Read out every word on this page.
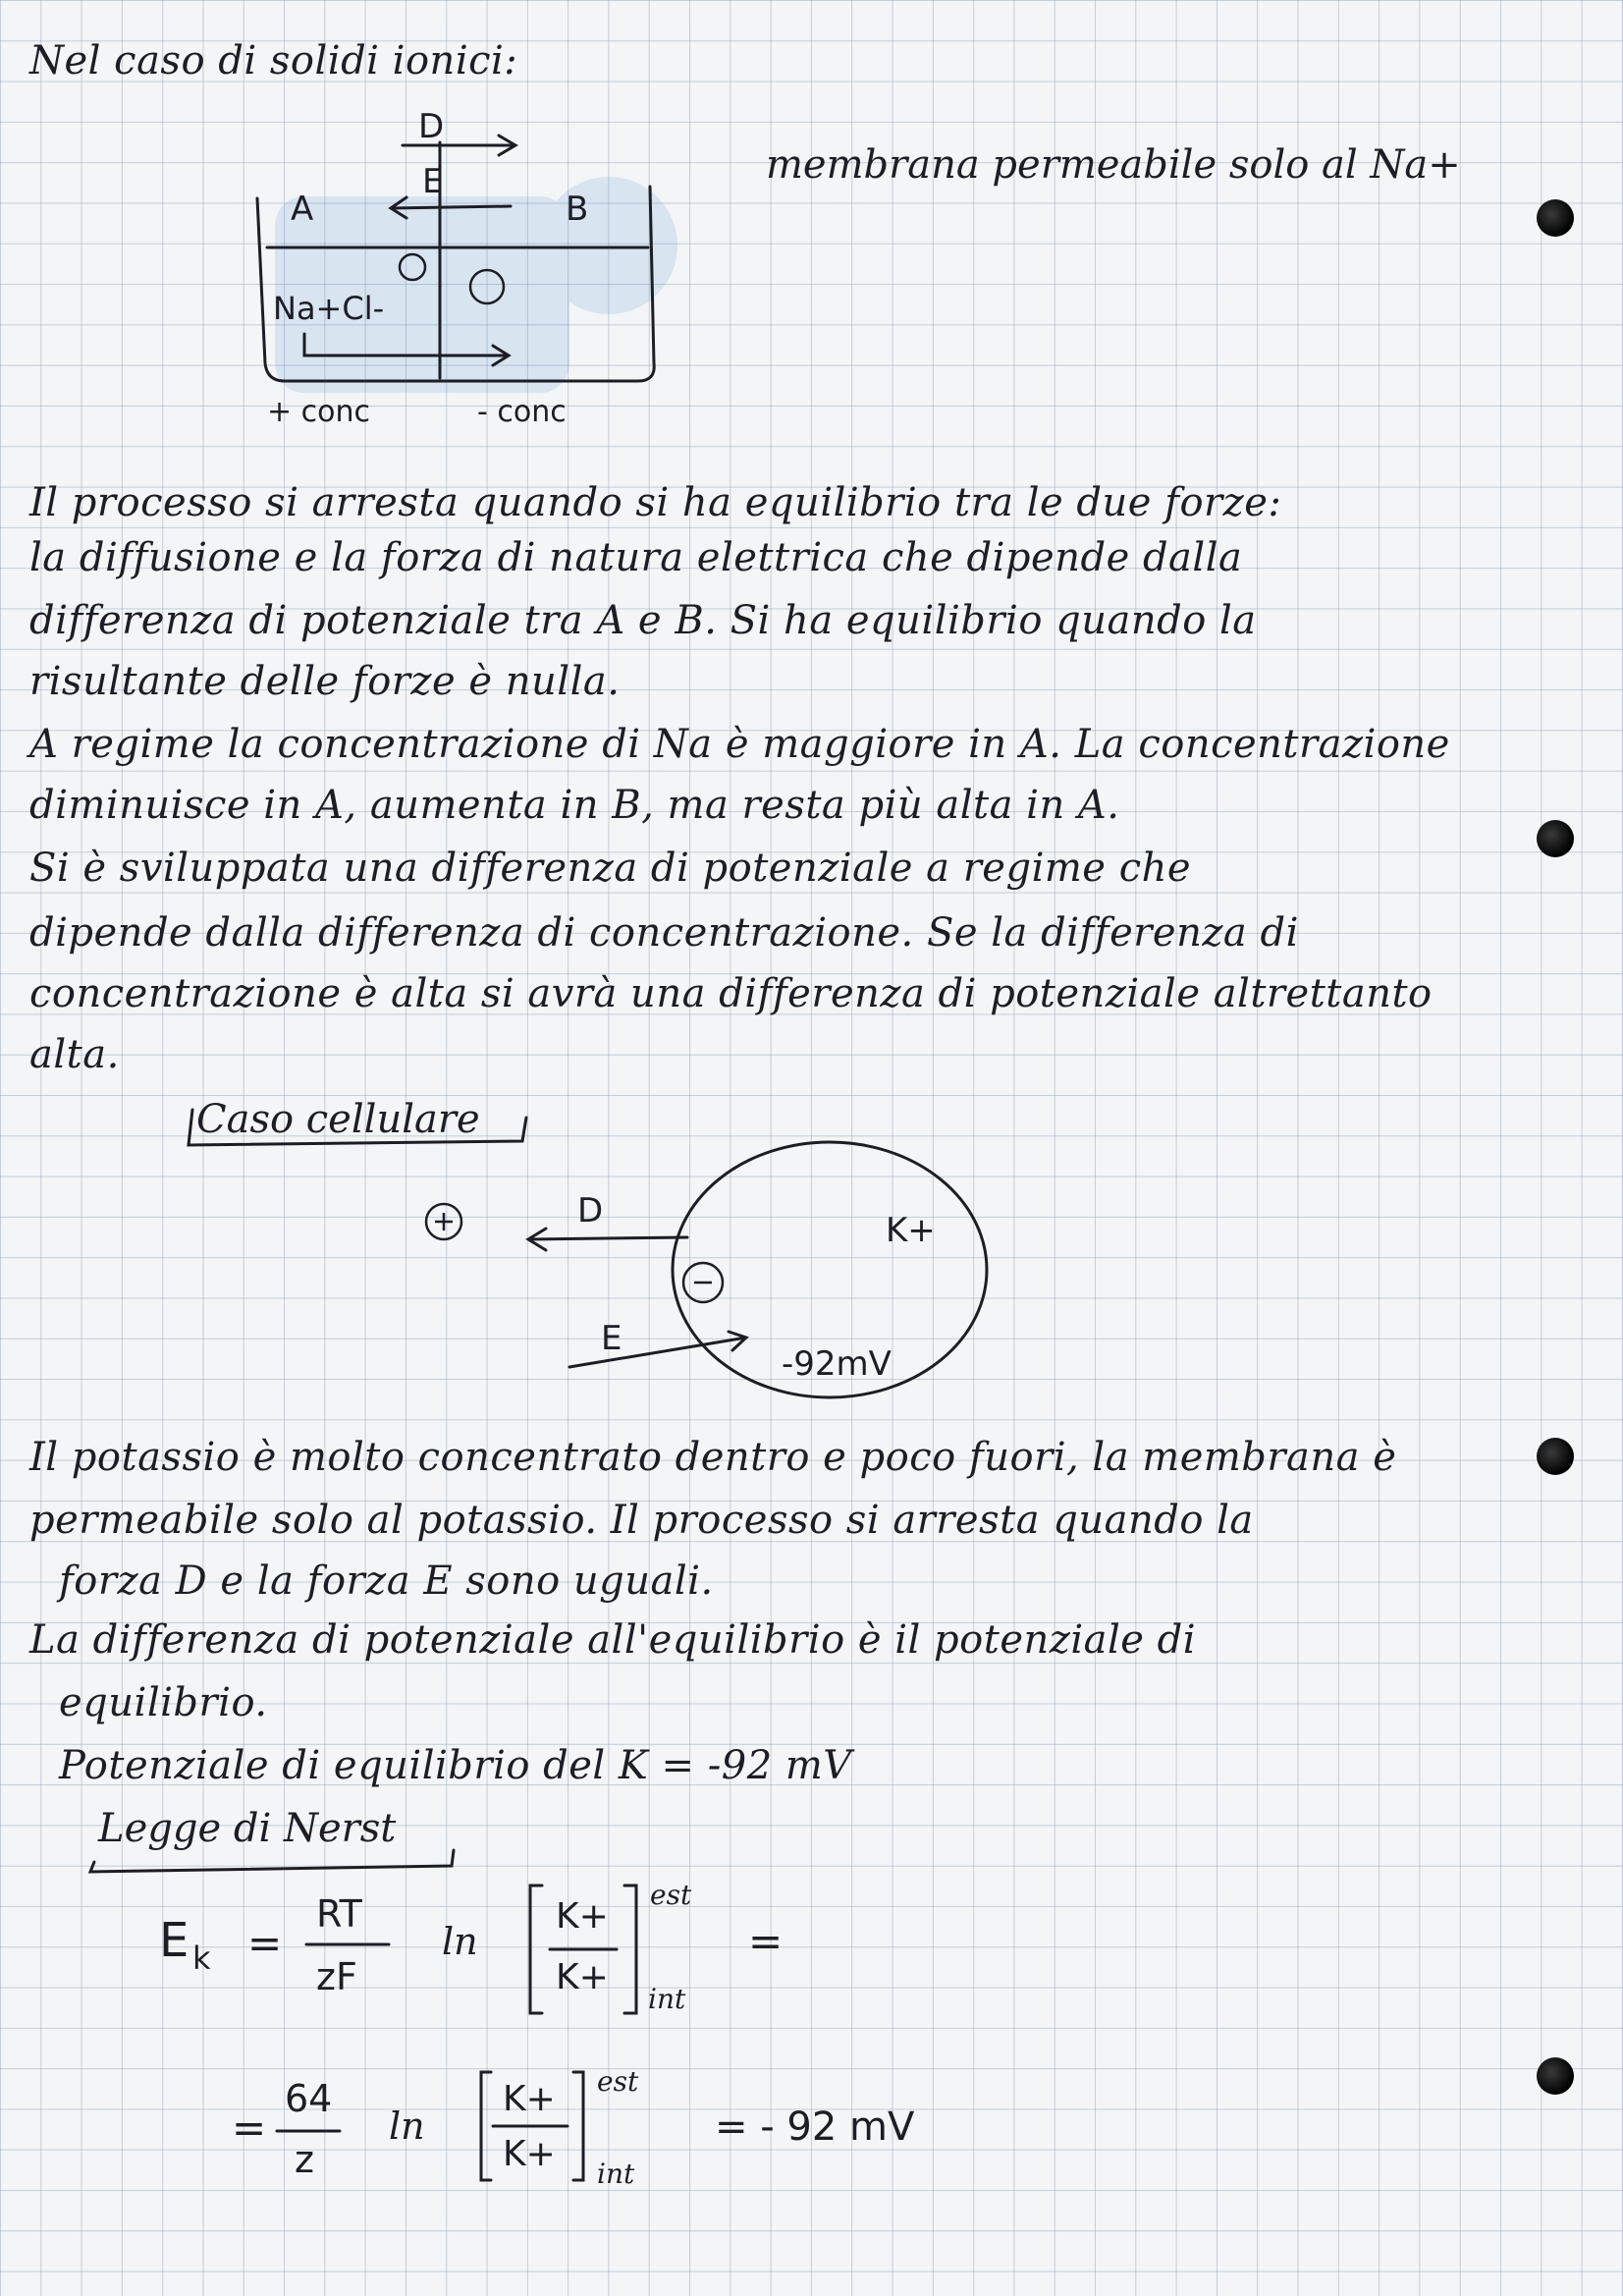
Nel caso di solidi ionici:
membrana permeabile solo al Na+
D
E
A	B
Na+Cl-
+ conc	- conc
Il processo si arresta quando si ha equilibrio tra le due forze:
la diffusione e la forza di natura elettrica che dipende dalla
differenza di potenziale tra A e B. Si ha equilibrio quando la
risultante delle forze è nulla.
A regime la concentrazione di Na è maggiore in A. La concentrazione
diminuisce in A, aumenta in B, ma resta più alta in A.
Si è sviluppata una differenza di potenziale a regime che
dipende dalla differenza di concentrazione. Se la differenza di
concentrazione è alta si avrà una differenza di potenziale altrettanto
alta.
Caso cellulare
D	K+
E
-92mV
Il potassio è molto concentrato dentro e poco fuori, la membrana è
permeabile solo al potassio. Il processo si arresta quando la
forza D e la forza E sono uguali.
La differenza di potenziale all'equilibrio è il potenziale di
equilibrio.
Potenziale di equilibrio del K = -92 mV
Legge di Nerst
E k =
RT
zF
ln
K+
K+
est
int
=
=
64
z
ln
K+
K+
est
int
= - 92 mV
